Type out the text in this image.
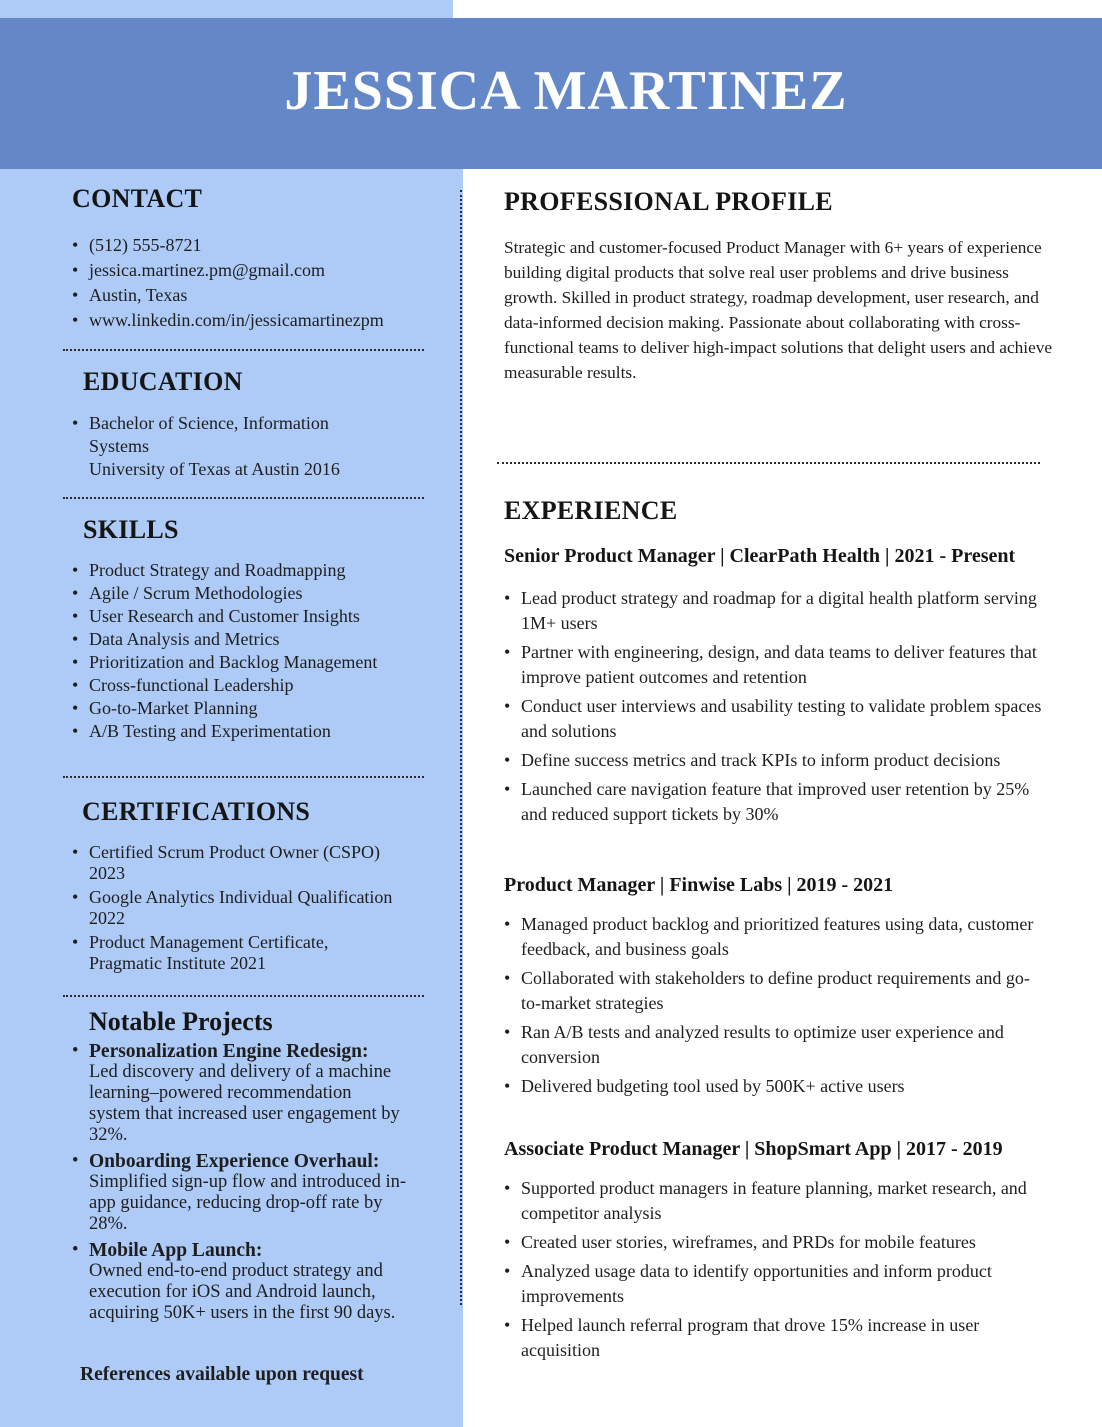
JESSICA MARTINEZ
CONTACT
• (512) 555-8721
• jessica.martinez.pm@gmail.com
• Austin, Texas
• www.linkedin.com/in/jessicamartinezpm
EDUCATION
• Bachelor of Science, Information Systems
University of Texas at Austin 2016
SKILLS
• Product Strategy and Roadmapping
• Agile / Scrum Methodologies
• User Research and Customer Insights
• Data Analysis and Metrics
• Prioritization and Backlog Management
• Cross-functional Leadership
• Go-to-Market Planning
• A/B Testing and Experimentation
CERTIFICATIONS
• Certified Scrum Product Owner (CSPO) 2023
• Google Analytics Individual Qualification 2022
• Product Management Certificate, Pragmatic Institute 2021
Notable Projects
• Personalization Engine Redesign:
Led discovery and delivery of a machine learning–powered recommendation system that increased user engagement by 32%.
• Onboarding Experience Overhaul:
Simplified sign-up flow and introduced in-app guidance, reducing drop-off rate by 28%.
• Mobile App Launch:
Owned end-to-end product strategy and execution for iOS and Android launch, acquiring 50K+ users in the first 90 days.
References available upon request
PROFESSIONAL PROFILE
Strategic and customer-focused Product Manager with 6+ years of experience building digital products that solve real user problems and drive business growth. Skilled in product strategy, roadmap development, user research, and data-informed decision making. Passionate about collaborating with cross-functional teams to deliver high-impact solutions that delight users and achieve measurable results.
EXPERIENCE
Senior Product Manager | ClearPath Health | 2021 - Present
• Lead product strategy and roadmap for a digital health platform serving 1M+ users
• Partner with engineering, design, and data teams to deliver features that improve patient outcomes and retention
• Conduct user interviews and usability testing to validate problem spaces and solutions
• Define success metrics and track KPIs to inform product decisions
• Launched care navigation feature that improved user retention by 25% and reduced support tickets by 30%
Product Manager | Finwise Labs | 2019 - 2021
• Managed product backlog and prioritized features using data, customer feedback, and business goals
• Collaborated with stakeholders to define product requirements and go-to-market strategies
• Ran A/B tests and analyzed results to optimize user experience and conversion
• Delivered budgeting tool used by 500K+ active users
Associate Product Manager | ShopSmart App | 2017 - 2019
• Supported product managers in feature planning, market research, and competitor analysis
• Created user stories, wireframes, and PRDs for mobile features
• Analyzed usage data to identify opportunities and inform product improvements
• Helped launch referral program that drove 15% increase in user acquisition
